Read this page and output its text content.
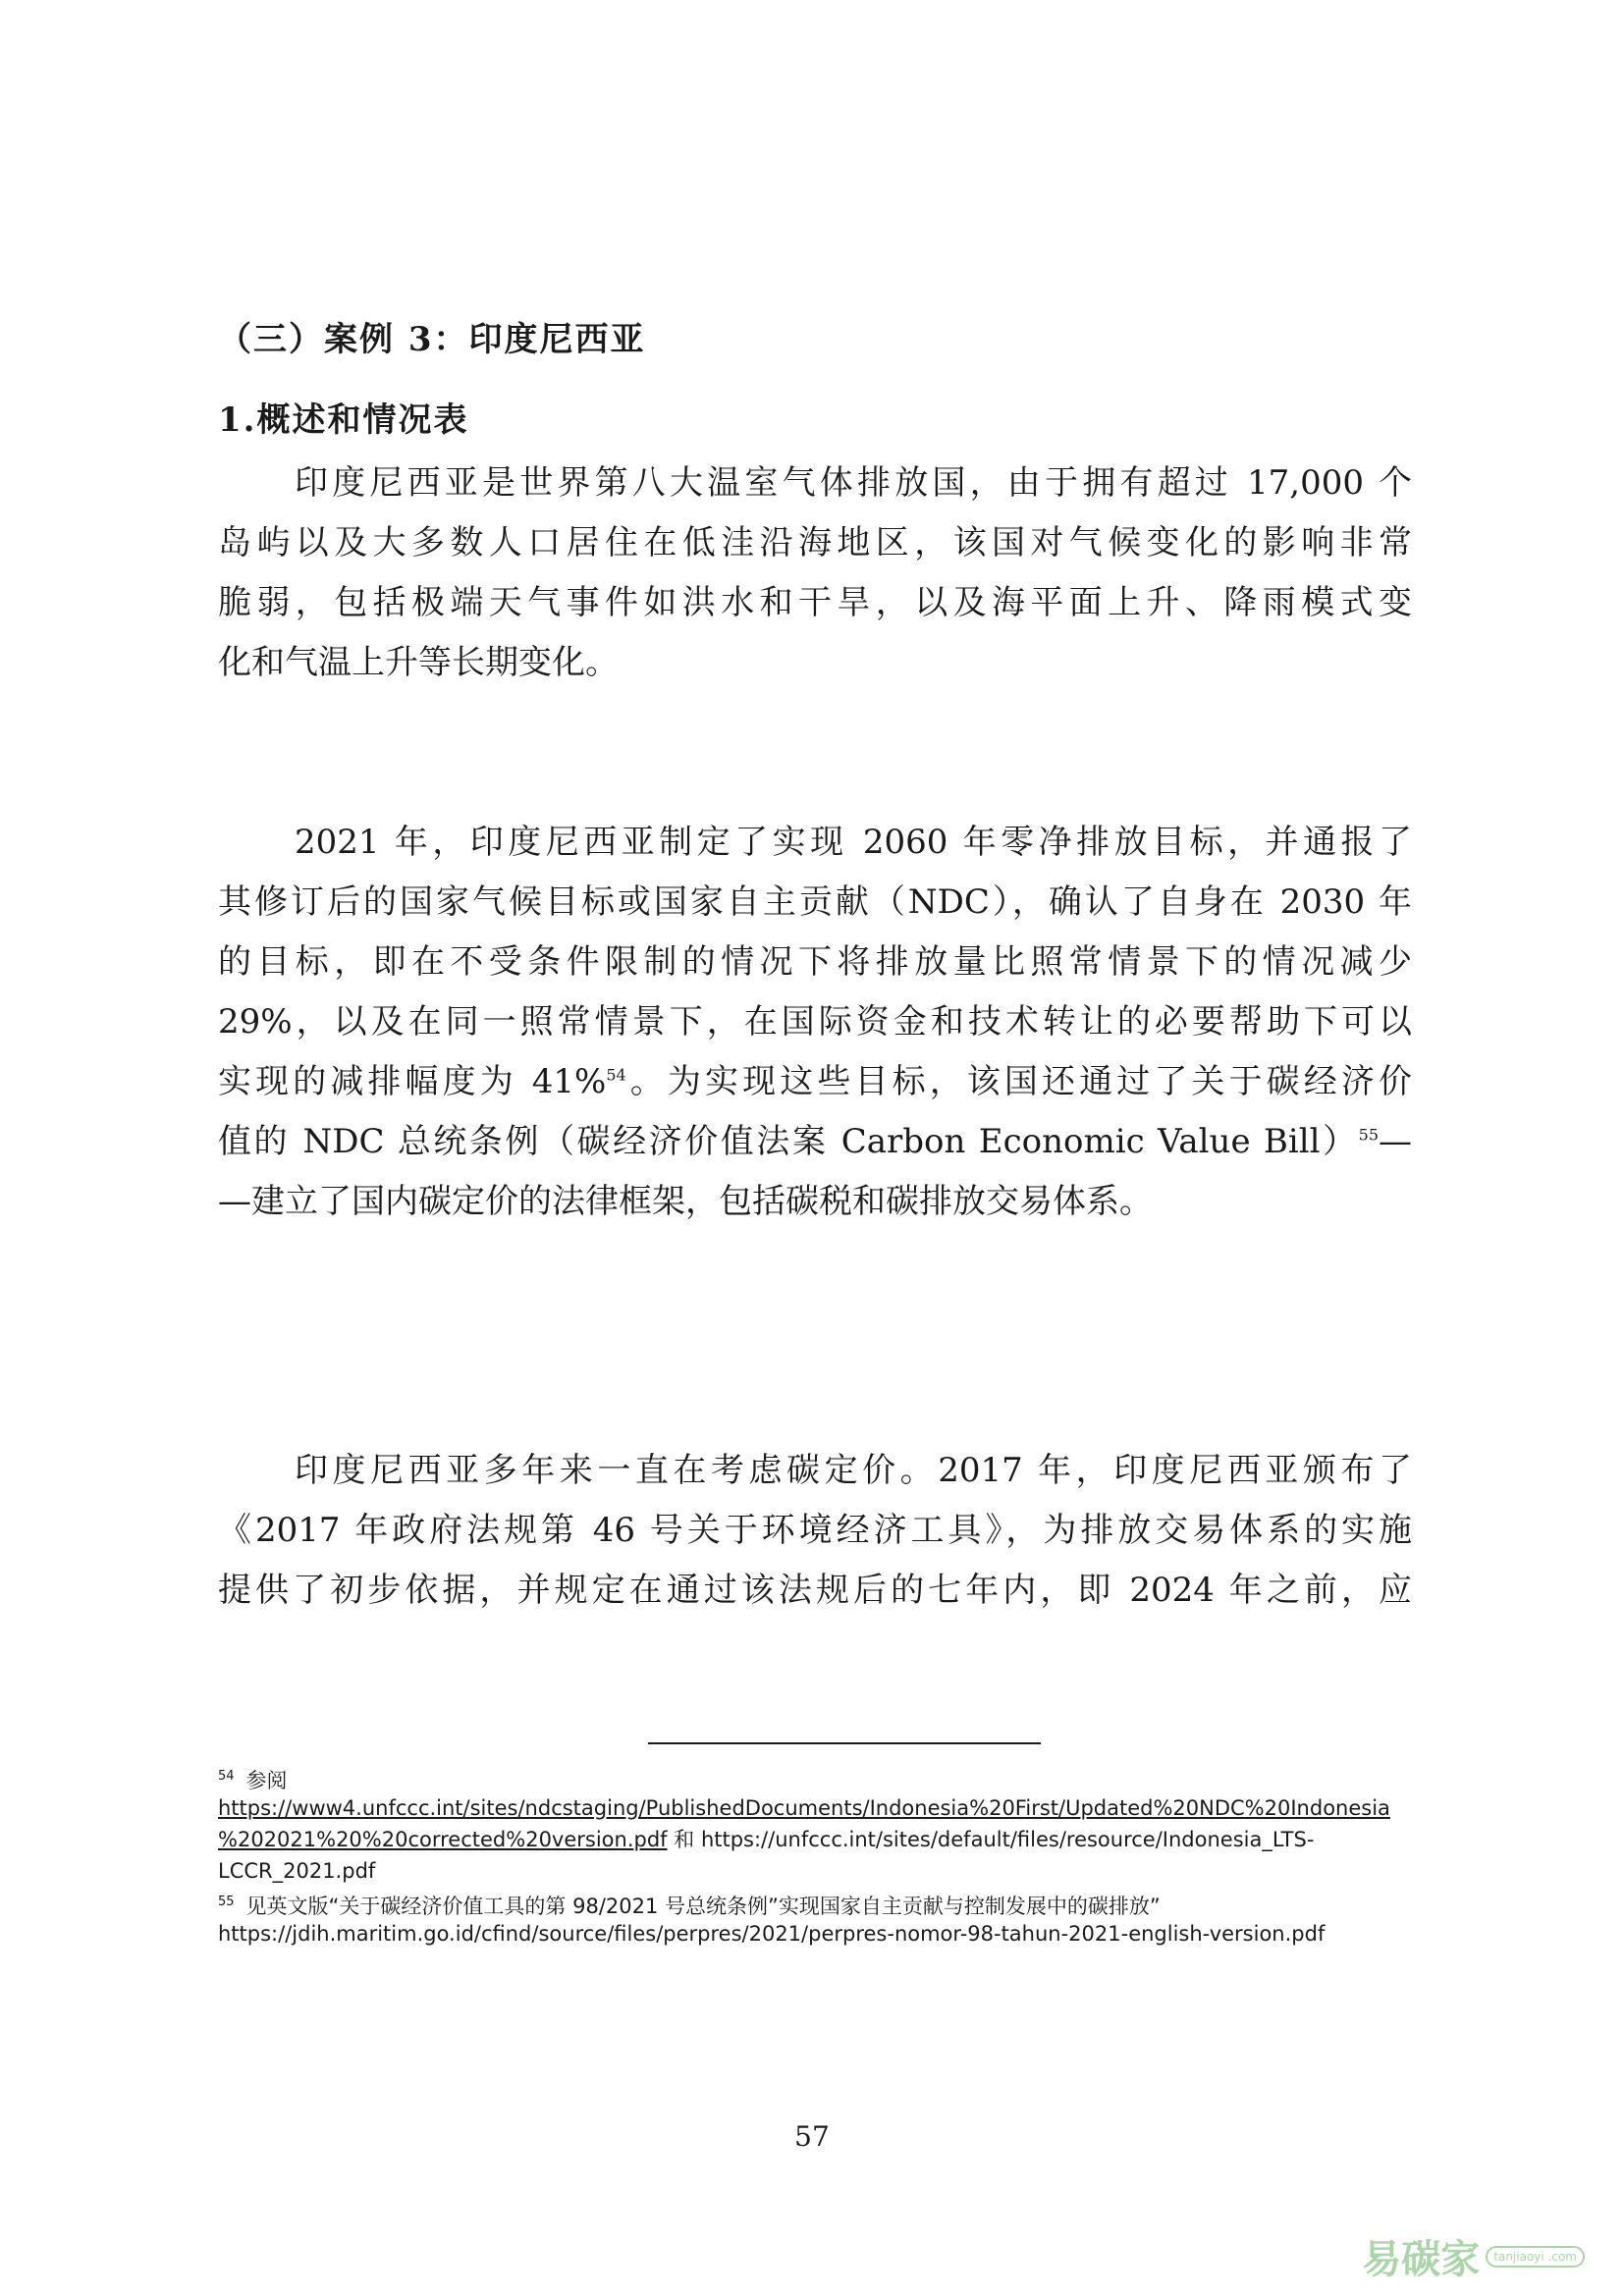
（三）案例 3：印度尼西亚
1.概述和情况表
印度尼西亚是世界第八大温室气体排放国，由于拥有超过 17,000 个
岛屿以及大多数人口居住在低洼沿海地区，该国对气候变化的影响非常
脆弱，包括极端天气事件如洪水和干旱，以及海平面上升、降雨模式变
化和气温上升等长期变化。
2021 年，印度尼西亚制定了实现 2060 年零净排放目标，并通报了
其修订后的国家气候目标或国家自主贡献（NDC），确认了自身在 2030 年
的目标，即在不受条件限制的情况下将排放量比照常情景下的情况减少
29%，以及在同一照常情景下，在国际资金和技术转让的必要帮助下可以
实现的减排幅度为 41%$^{54}$。为实现这些目标，该国还通过了关于碳经济价
值的 NDC 总统条例（碳经济价值法案 Carbon Economic Value Bill）$^{55}$—
—建立了国内碳定价的法律框架，包括碳税和碳排放交易体系。
印度尼西亚多年来一直在考虑碳定价。2017 年，印度尼西亚颁布了
《2017 年政府法规第 46 号关于环境经济工具》，为排放交易体系的实施
提供了初步依据，并规定在通过该法规后的七年内，即 2024 年之前，应
$^{54}$ 参阅
https://www4.unfccc.int/sites/ndcstaging/PublishedDocuments/Indonesia%20First/Updated%20NDC%20Indonesia
%202021%20%20corrected%20version.pdf 和 https://unfccc.int/sites/default/files/resource/Indonesia_LTS-
LCCR_2021.pdf
$^{55}$ 见英文版“关于碳经济价值工具的第 98/2021 号总统条例”实现国家自主贡献与控制发展中的碳排放”
https://jdih.maritim.go.id/cfind/source/files/perpres/2021/perpres-nomor-98-tahun-2021-english-version.pdf
57
易碳家	tanjiaoyi .com
